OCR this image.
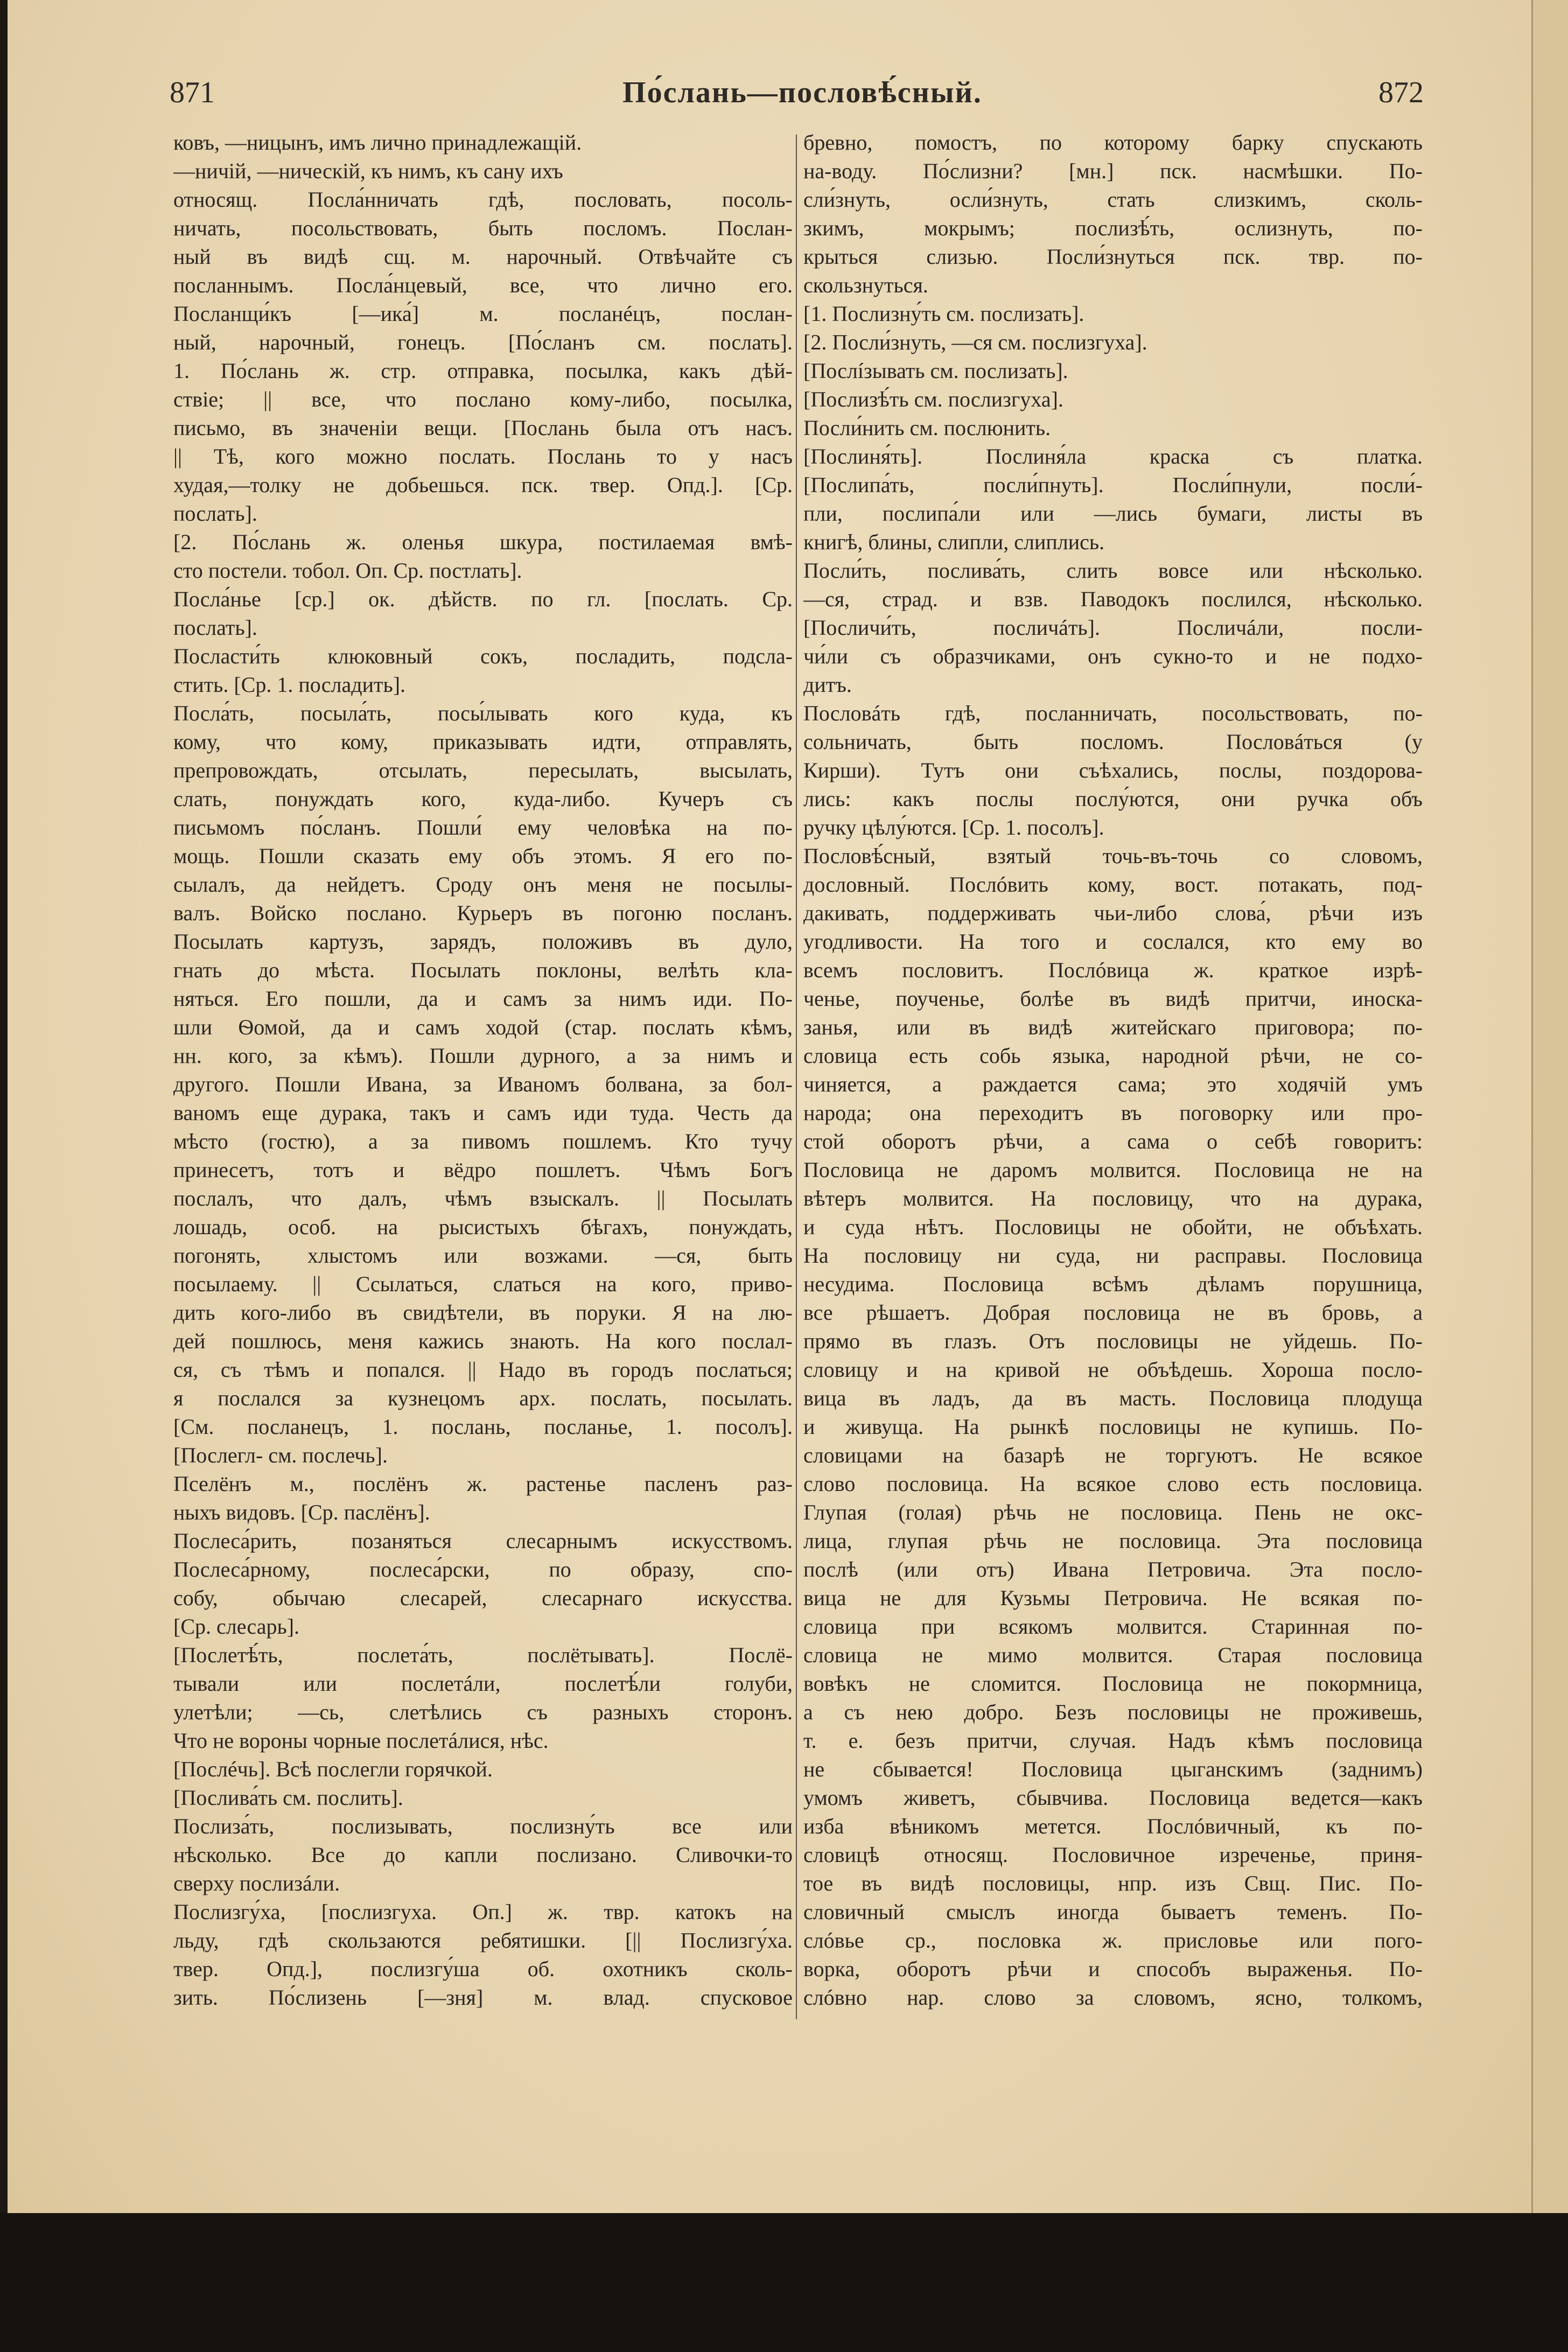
871	По́слань—пословѣ́сный.	872
ковъ, —ницынъ, имъ лично принадлежащій.
—ничій, —ническій, къ нимъ, къ сану ихъ
относящ. Посла́нничать гдѣ, пословать, посоль-
ничать, посольствовать, быть посломъ. Послан-
ный въ видѣ сщ. м. нарочный. Отвѣчайте съ
посланнымъ. Посла́нцевый, все, что лично его.
Посланщи́къ [—ика́] м. посланéцъ, послан-
ный, нарочный, гонецъ. [По́сланъ см. послать].
1. По́слань ж. стр. отправка, посылка, какъ дѣй-
ствіе; || все, что послано кому-либо, посылка,
письмо, въ значеніи вещи. [Послань была отъ насъ.
|| Тѣ, кого можно послать. Послань то у насъ
худая,—толку не добьешься. пск. твер. Опд.]. [Ср.
послать].
[2. По́слань ж. оленья шкура, постилаемая вмѣ-
сто постели. тобол. Оп. Ср. постлать].
Посла́нье [ср.] ок. дѣйств. по гл. [послать. Ср.
послать].
Посласти́ть клюковный сокъ, посладить, подсла-
стить. [Ср. 1. посладить].
Посла́ть, посыла́ть, посы́лывать кого куда, къ
кому, что кому, приказывать идти, отправлять,
препровождать, отсылать, пересылать, высылать,
слать, понуждать кого, куда-либо. Кучеръ съ
письмомъ по́сланъ. Пошли́ ему человѣка на по-
мощь. Пошли сказать ему объ этомъ. Я его по-
сылалъ, да нейдетъ. Сроду онъ меня не посылы-
валъ. Войско послано. Курьеръ въ погоню посланъ.
Посылать картузъ, зарядъ, положивъ въ дуло,
гнать до мѣста. Посылать поклоны, велѣть кла-
няться. Его пошли, да и самъ за нимъ иди. По-
шли Ѳомой, да и самъ ходой (стар. послать кѣмъ,
нн. кого, за кѣмъ). Пошли дурного, а за нимъ и
другого. Пошли Ивана, за Иваномъ болвана, за бол-
ваномъ еще дурака, такъ и самъ иди туда. Честь да
мѣсто (гостю), а за пивомъ пошлемъ. Кто тучу
принесетъ, тотъ и вёдро пошлетъ. Чѣмъ Богъ
послалъ, что далъ, чѣмъ взыскалъ. || Посылать
лошадь, особ. на рысистыхъ бѣгахъ, понуждать,
погонять, хлыстомъ или возжами. —ся, быть
посылаему. || Ссылаться, слаться на кого, приво-
дить кого-либо въ свидѣтели, въ поруки. Я на лю-
дей пошлюсь, меня кажись знають. На кого послал-
ся, съ тѣмъ и попался. || Надо въ городъ послаться;
я послался за кузнецомъ арх. послать, посылать.
[См. посланецъ, 1. послань, посланье, 1. посолъ].
[Послегл- см. послечь].
Пселёнъ м., послёнъ ж. растенье пасленъ раз-
ныхъ видовъ. [Ср. паслёнъ].
Послеса́рить, позаняться слесарнымъ искусствомъ.
Послеса́рному, послеса́рски, по образу, спо-
собу, обычаю слесарей, слесарнаго искусства.
[Ср. слесарь].
[Послетѣ́ть, послета́ть, послётывать]. Послё-
тывали или послетáли, послетѣ́ли голуби,
улетѣли; —сь, слетѣлись съ разныхъ сторонъ.
Что не вороны чорные послетáлися, нѣс.
[Послéчь]. Всѣ послегли горячкой.
[Послива́ть см. послить].
Послиза́ть, послизывать, послизну́ть все или
нѣсколько. Все до капли послизано. Сливочки-то
сверху послизáли.
Послизгу́ха, [послизгуха. Оп.] ж. твр. катокъ на
льду, гдѣ скользаются ребятишки. [|| Послизгу́ха.
твер. Опд.], послизгу́ша об. охотникъ сколь-
зить. По́слизень [—зня] м. влад. спусковое
бревно, помостъ, по которому барку спускають
на-воду. По́слизни? [мн.] пск. насмѣшки. По-
сли́знуть, осли́знуть, стать слизкимъ, сколь-
зкимъ, мокрымъ; послизѣ́ть, ослизнуть, по-
крыться слизью. Посли́знуться пск. твр. по-
скользнуться.
[1. Послизну́ть см. послизать].
[2. Посли́знуть, —ся см. послизгуха].
[Послíзывать см. послизать].
[Послизѣ́ть см. послизгуха].
Посли́нить см. послюнить.
[Послиня́ть]. Послиня́ла краска съ платка.
[Послипа́ть, посли́пнуть]. Посли́пнули, посли́-
пли, послипа́ли или —лись бумаги, листы въ
книгѣ, блины, слипли, слиплись.
Посли́ть, послива́ть, слить вовсе или нѣсколько.
—ся, страд. и взв. Паводокъ послился, нѣсколько.
[Посличи́ть, посличáть]. Посличáли, посли-
чи́ли съ образчиками, онъ сукно-то и не подхо-
дитъ.
Пословáть гдѣ, посланничать, посольствовать, по-
сольничать, быть посломъ. Пословáться (у
Кирши). Тутъ они съѣхались, послы, поздорова-
лись: какъ послы послу́ются, они ручка объ
ручку цѣлу́ются. [Ср. 1. посолъ].
Пословѣ́сный, взятый точь-въ-точь со словомъ,
дословный. Послóвить кому, вост. потакать, под-
дакивать, поддерживать чьи-либо слова́, рѣчи изъ
угодливости. На того и сослался, кто ему во
всемъ пословитъ. Послóвица ж. краткое изрѣ-
ченье, поученье, болѣе въ видѣ притчи, иноска-
занья, или въ видѣ житейскаго приговора; по-
словица есть собь языка, народной рѣчи, не со-
чиняется, а раждается сама; это ходячій умъ
народа; она переходитъ въ поговорку или про-
стой оборотъ рѣчи, а сама о себѣ говоритъ:
Пословица не даромъ молвится. Пословица не на
вѣтеръ молвится. На пословицу, что на дурака,
и суда нѣтъ. Пословицы не обойти, не объѣхать.
На пословицу ни суда, ни расправы. Пословица
несудима. Пословица всѣмъ дѣламъ порушница,
все рѣшаетъ. Добрая пословица не въ бровь, а
прямо въ глазъ. Отъ пословицы не уйдешь. По-
словицу и на кривой не объѣдешь. Хороша посло-
вица въ ладъ, да въ масть. Пословица плодуща
и живуща. На рынкѣ пословицы не купишь. По-
словицами на базарѣ не торгуютъ. Не всякое
слово пословица. На всякое слово есть пословица.
Глупая (голая) рѣчь не пословица. Пень не окс-
лица, глупая рѣчь не пословица. Эта пословица
послѣ (или отъ) Ивана Петровича. Эта посло-
вица не для Кузьмы Петровича. Не всякая по-
словица при всякомъ молвится. Старинная по-
словица не мимо молвится. Старая пословица
вовѣкъ не сломится. Пословица не покормница,
а съ нею добро. Безъ пословицы не проживешь,
т. е. безъ притчи, случая. Надъ кѣмъ пословица
не сбывается! Пословица цыганскимъ (заднимъ)
умомъ живетъ, сбывчива. Пословица ведется—какъ
изба вѣникомъ метется. Послóвичный, къ по-
словицѣ относящ. Пословичное изреченье, приня-
тое въ видѣ пословицы, нпр. изъ Свщ. Пис. По-
словичный смыслъ иногда бываетъ теменъ. По-
слóвье ср., пословка ж. присловье или пого-
ворка, оборотъ рѣчи и способъ выраженья. По-
слóвно нар. слово за словомъ, ясно, толкомъ,
